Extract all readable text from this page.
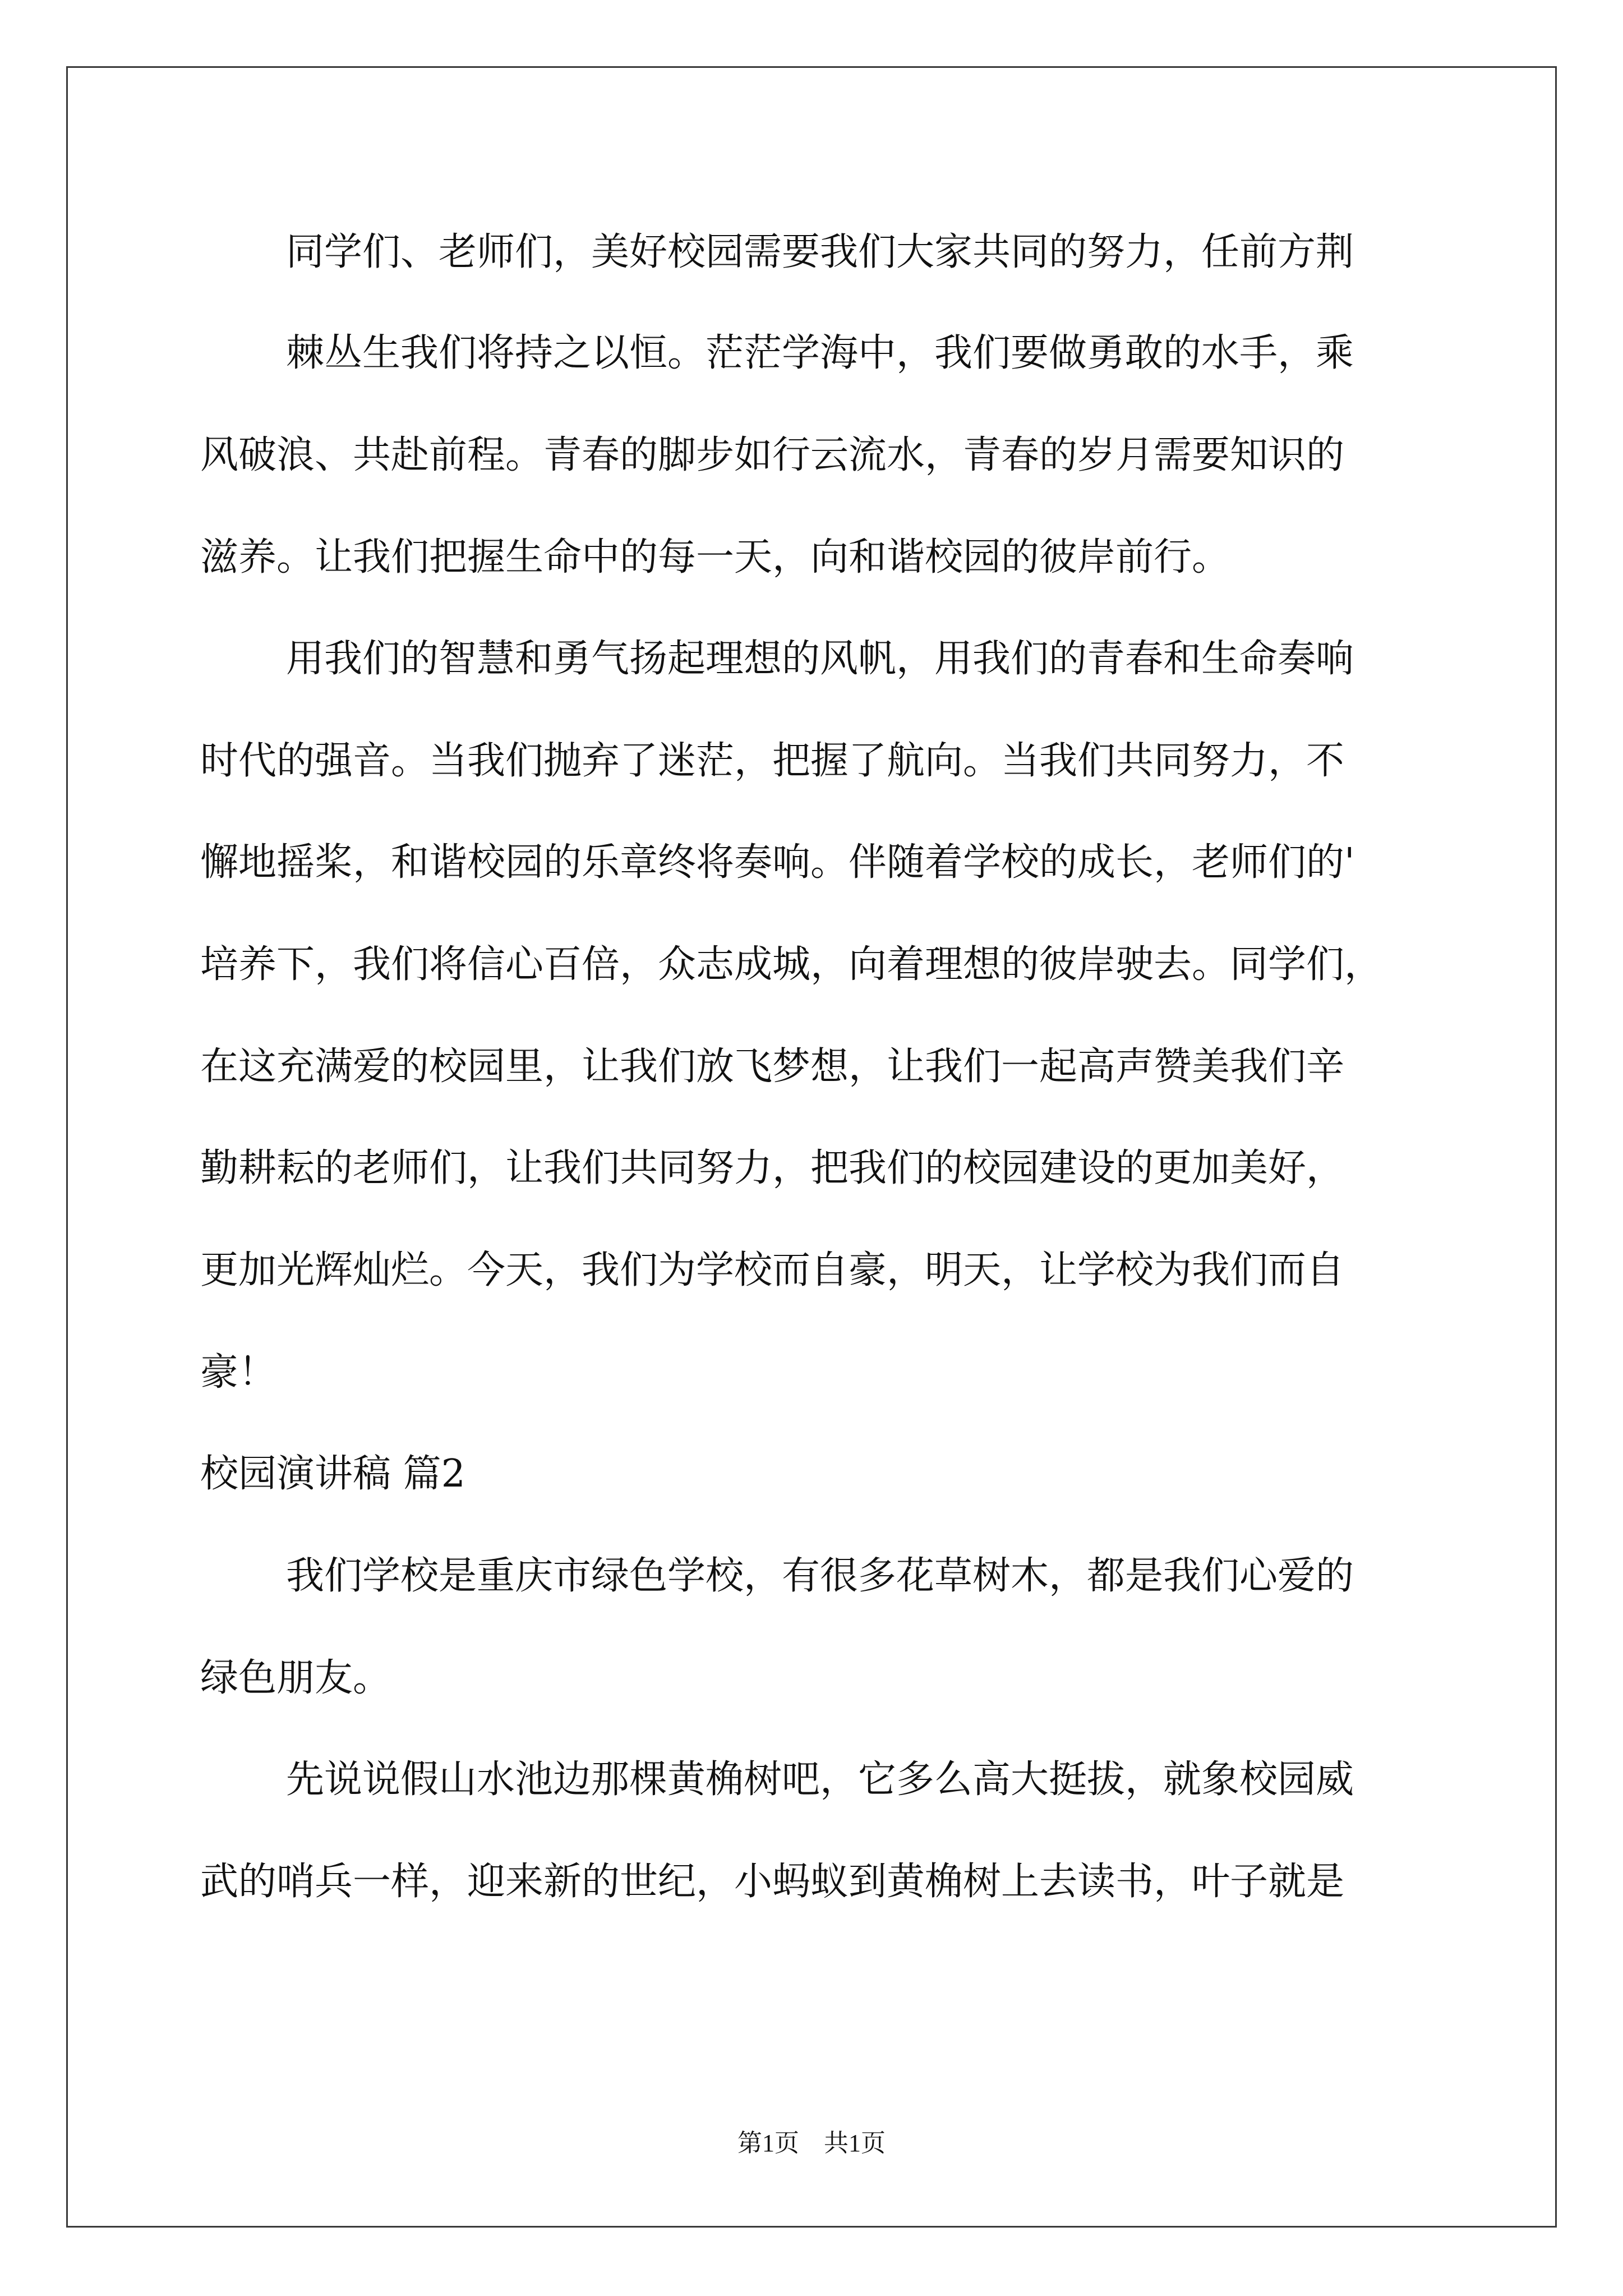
同学们、老师们，美好校园需要我们大家共同的努力，任前方荆
棘丛生我们将持之以恒。茫茫学海中，我们要做勇敢的水手，乘
风破浪、共赴前程。青春的脚步如行云流水，青春的岁月需要知识的
滋养。让我们把握生命中的每一天，向和谐校园的彼岸前行。
用我们的智慧和勇气扬起理想的风帆，用我们的青春和生命奏响
时代的强音。当我们抛弃了迷茫，把握了航向。当我们共同努力，不
懈地摇桨，和谐校园的乐章终将奏响。伴随着学校的成长，老师们的'
培养下，我们将信心百倍，众志成城，向着理想的彼岸驶去。同学们，
在这充满爱的校园里，让我们放飞梦想，让我们一起高声赞美我们辛
勤耕耘的老师们，让我们共同努力，把我们的校园建设的更加美好，
更加光辉灿烂。今天，我们为学校而自豪，明天，让学校为我们而自
豪！
校园演讲稿 篇2
我们学校是重庆市绿色学校，有很多花草树木，都是我们心爱的
绿色朋友。
先说说假山水池边那棵黄桷树吧，它多么高大挺拔，就象校园威
武的哨兵一样，迎来新的世纪，小蚂蚁到黄桷树上去读书，叶子就是
第1页　共1页
